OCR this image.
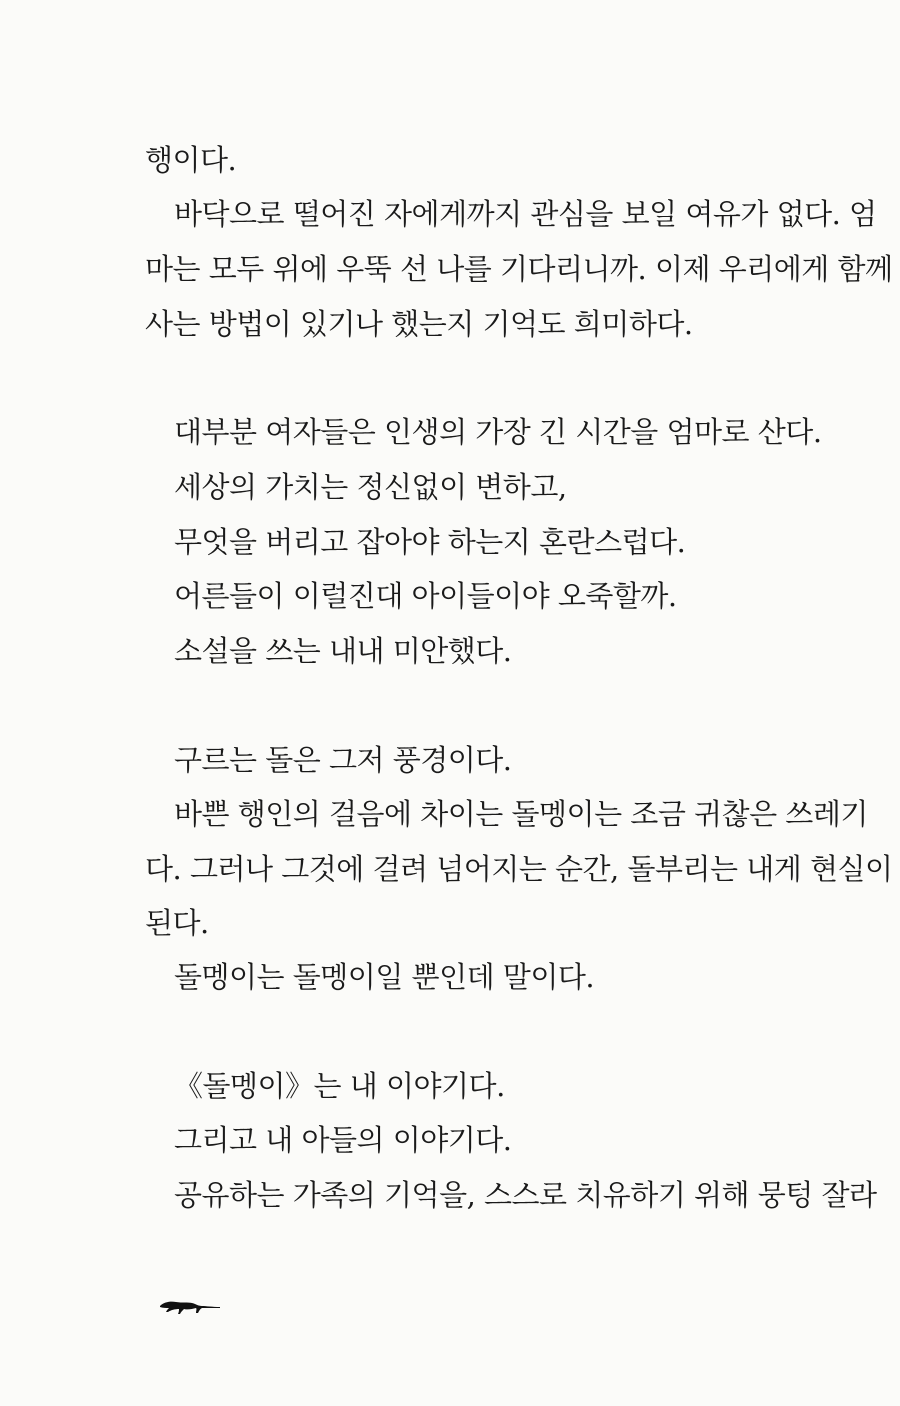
행이다.
바닥으로 떨어진 자에게까지 관심을 보일 여유가 없다. 엄
마는 모두 위에 우뚝 선 나를 기다리니까. 이제 우리에게 함께
사는 방법이 있기나 했는지 기억도 희미하다.
대부분 여자들은 인생의 가장 긴 시간을 엄마로 산다.
세상의 가치는 정신없이 변하고,
무엇을 버리고 잡아야 하는지 혼란스럽다.
어른들이 이럴진대 아이들이야 오죽할까.
소설을 쓰는 내내 미안했다.
구르는 돌은 그저 풍경이다.
바쁜 행인의 걸음에 차이는 돌멩이는 조금 귀찮은 쓰레기
다. 그러나 그것에 걸려 넘어지는 순간, 돌부리는 내게 현실이
된다.
돌멩이는 돌멩이일 뿐인데 말이다.
《돌멩이》는 내 이야기다.
그리고 내 아들의 이야기다.
공유하는 가족의 기억을, 스스로 치유하기 위해 뭉텅 잘라
